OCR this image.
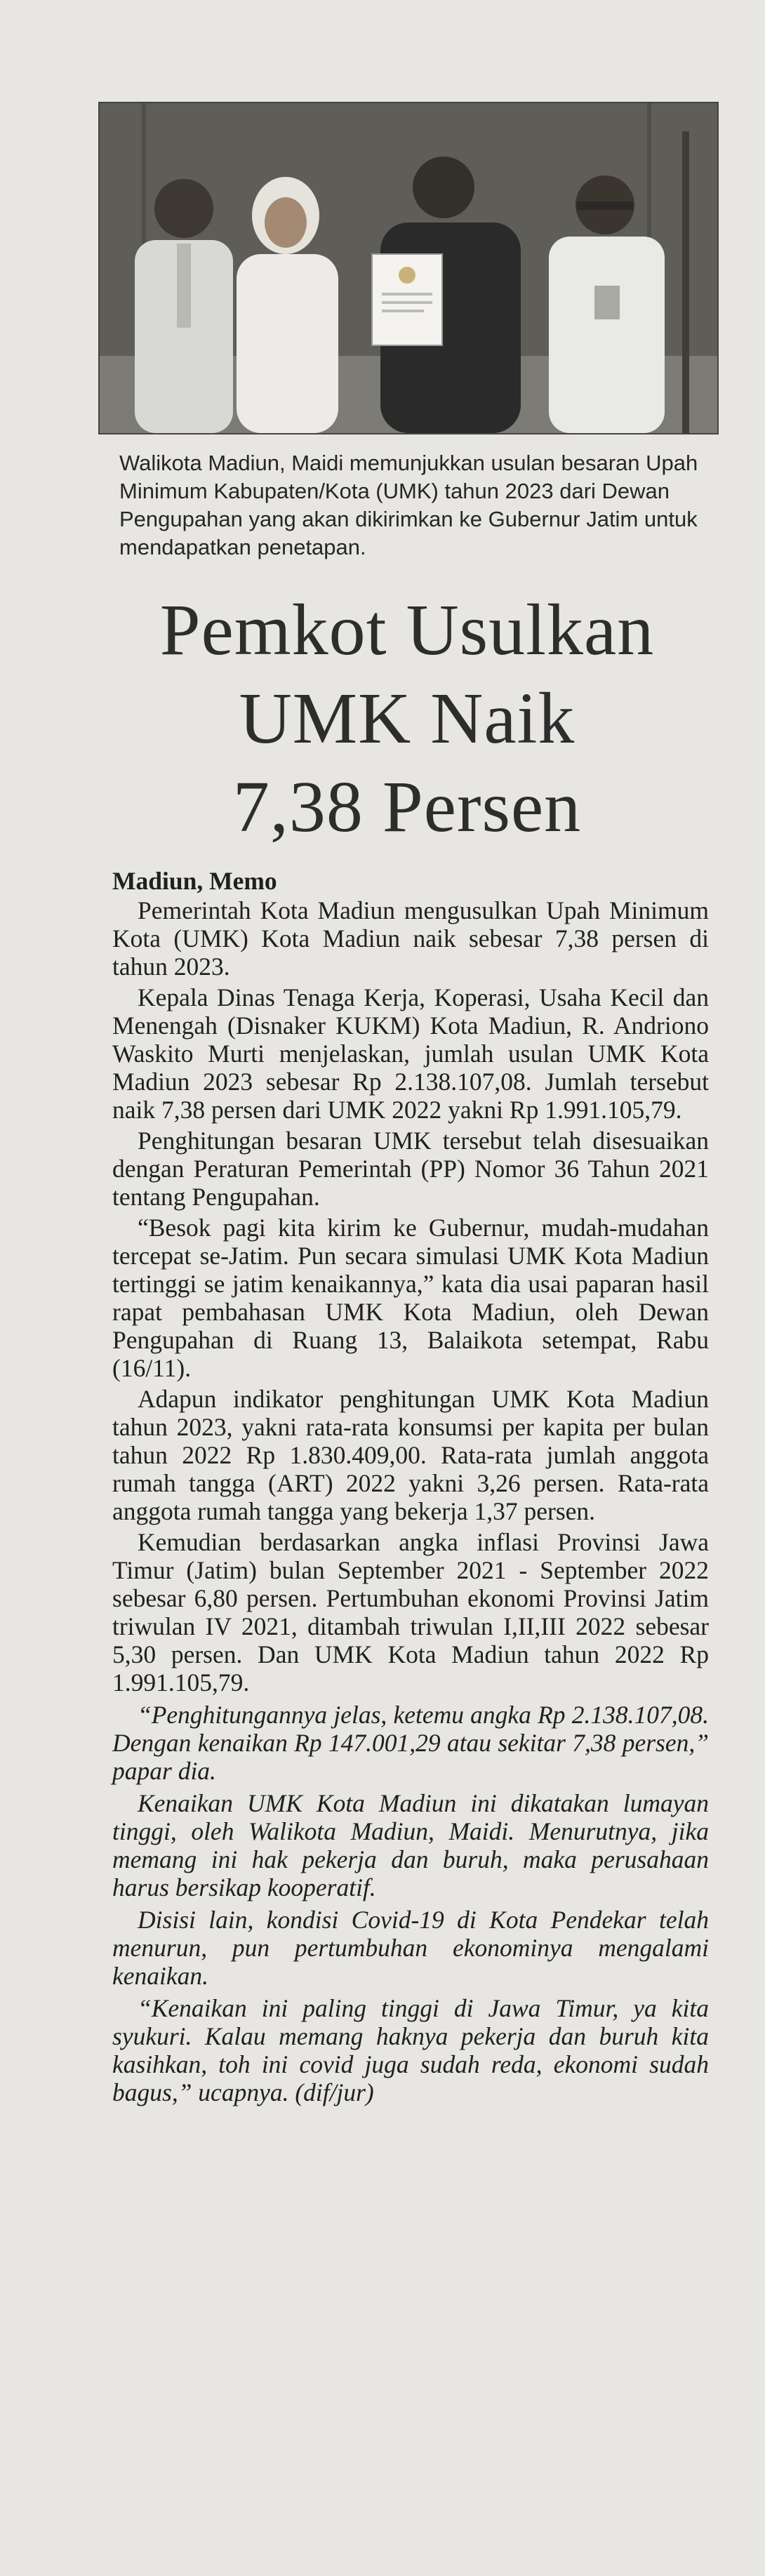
Walikota Madiun, Maidi memunjukkan usulan besaran Upah
Minimum Kabupaten/Kota (UMK) tahun 2023 dari Dewan
Pengupahan yang akan dikirimkan ke Gubernur Jatim untuk
mendapatkan penetapan.
Pemkot Usulkan
UMK Naik
7,38 Persen

Madiun, Memo

Pemerintah Kota Madiun mengusulkan Upah Minimum Kota (UMK) Kota Madiun naik sebesar 7,38 persen di tahun 2023.

Kepala Dinas Tenaga Kerja, Koperasi, Usaha Kecil dan Menengah (Disnaker KUKM) Kota Madiun, R. Andriono Waskito Murti menjelaskan, jumlah usulan UMK Kota Madiun 2023 sebesar Rp 2.138.107,08. Jumlah tersebut naik 7,38 persen dari UMK 2022 yakni Rp 1.991.105,79.

Penghitungan besaran UMK tersebut telah disesuaikan dengan Peraturan Pemerintah (PP) Nomor 36 Tahun 2021 tentang Pengupahan.

“Besok pagi kita kirim ke Gubernur, mudah-mudahan tercepat se-Jatim. Pun secara simulasi UMK Kota Madiun tertinggi se jatim kenaikannya,” kata dia usai paparan hasil rapat pembahasan UMK Kota Madiun, oleh Dewan Pengupahan di Ruang 13, Balaikota setempat, Rabu (16/11).

Adapun indikator penghitungan UMK Kota Madiun tahun 2023, yakni rata-rata konsumsi per kapita per bulan tahun 2022 Rp 1.830.409,00. Rata-rata jumlah anggota rumah tangga (ART) 2022 yakni 3,26 persen. Rata-rata anggota rumah tangga yang bekerja 1,37 persen.

Kemudian berdasarkan angka inflasi Provinsi Jawa Timur (Jatim) bulan September 2021 - September 2022 sebesar 6,80 persen. Pertumbuhan ekonomi Provinsi Jatim triwulan IV 2021, ditambah triwulan I,II,III 2022 sebesar 5,30 persen. Dan UMK Kota Madiun tahun 2022 Rp 1.991.105,79.

“Penghitungannya jelas, ketemu angka Rp 2.138.107,08. Dengan kenaikan Rp 147.001,29 atau sekitar 7,38 persen,” papar dia.

Kenaikan UMK Kota Madiun ini dikatakan lumayan tinggi, oleh Walikota Madiun, Maidi. Menurutnya, jika memang ini hak pekerja dan buruh, maka perusahaan harus bersikap kooperatif.

Disisi lain, kondisi Covid-19 di Kota Pendekar telah menurun, pun pertumbuhan ekonominya mengalami kenaikan.

“Kenaikan ini paling tinggi di Jawa Timur, ya kita syukuri. Kalau memang haknya pekerja dan buruh kita kasihkan, toh ini covid juga sudah reda, ekonomi sudah bagus,” ucapnya. (dif/jur)
